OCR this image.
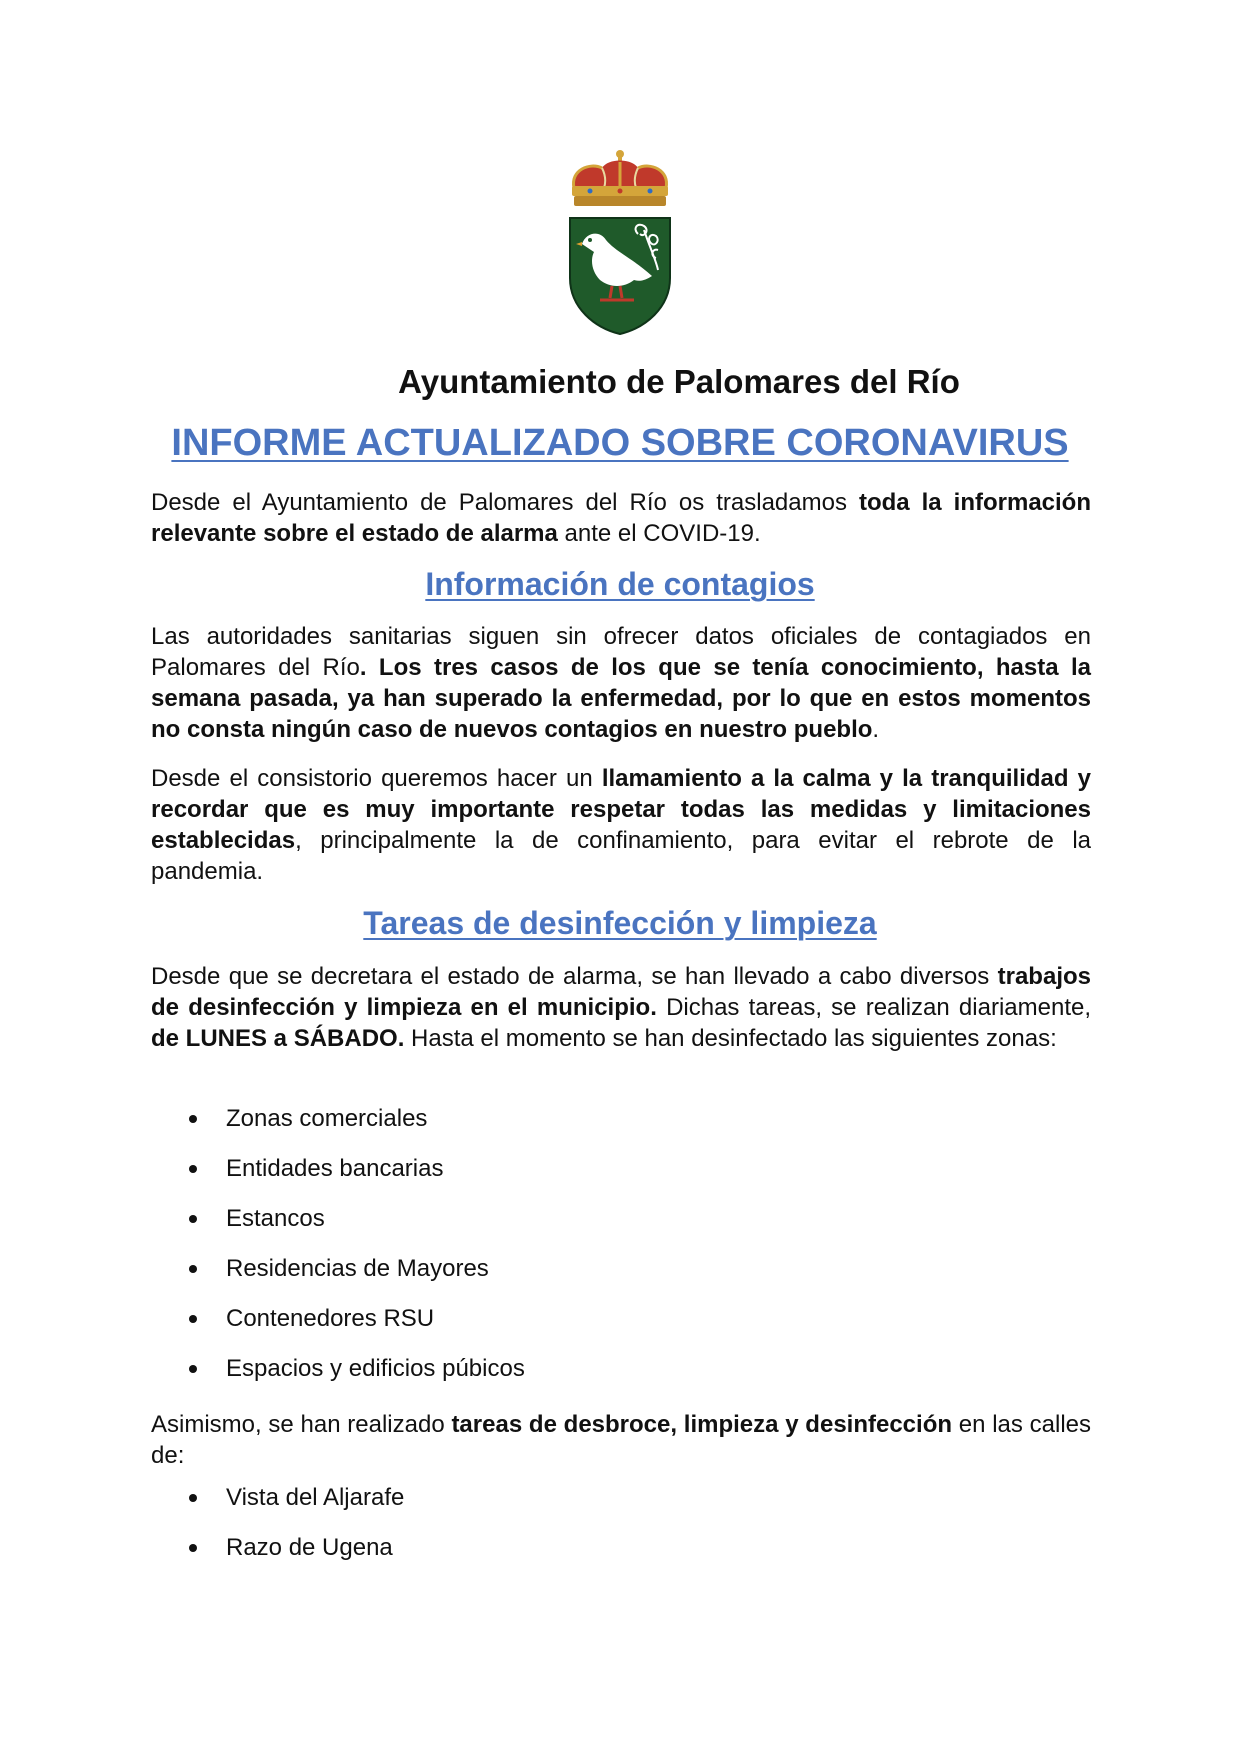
Ayuntamiento de Palomares del Río
INFORME ACTUALIZADO SOBRE CORONAVIRUS

Desde el Ayuntamiento de Palomares del Río os trasladamos toda la información relevante sobre el estado de alarma ante el COVID-19.

Información de contagios

Las autoridades sanitarias siguen sin ofrecer datos oficiales de contagiados en Palomares del Río. Los tres casos de los que se tenía conocimiento, hasta la semana pasada, ya han superado la enfermedad, por lo que en estos momentos no consta ningún caso de nuevos contagios en nuestro pueblo.

Desde el consistorio queremos hacer un llamamiento a la calma y la tranquilidad y recordar que es muy importante respetar todas las medidas y limitaciones establecidas, principalmente la de confinamiento, para evitar el rebrote de la pandemia.

Tareas de desinfección y limpieza

Desde que se decretara el estado de alarma, se han llevado a cabo diversos trabajos de desinfección y limpieza en el municipio. Dichas tareas, se realizan diariamente, de LUNES a SÁBADO. Hasta el momento se han desinfectado las siguientes zonas:

Zonas comerciales
Entidades bancarias
Estancos
Residencias de Mayores
Contenedores RSU
Espacios y edificios púbicos

Asimismo, se han realizado tareas de desbroce, limpieza y desinfección en las calles de:

Vista del Aljarafe
Razo de Ugena
